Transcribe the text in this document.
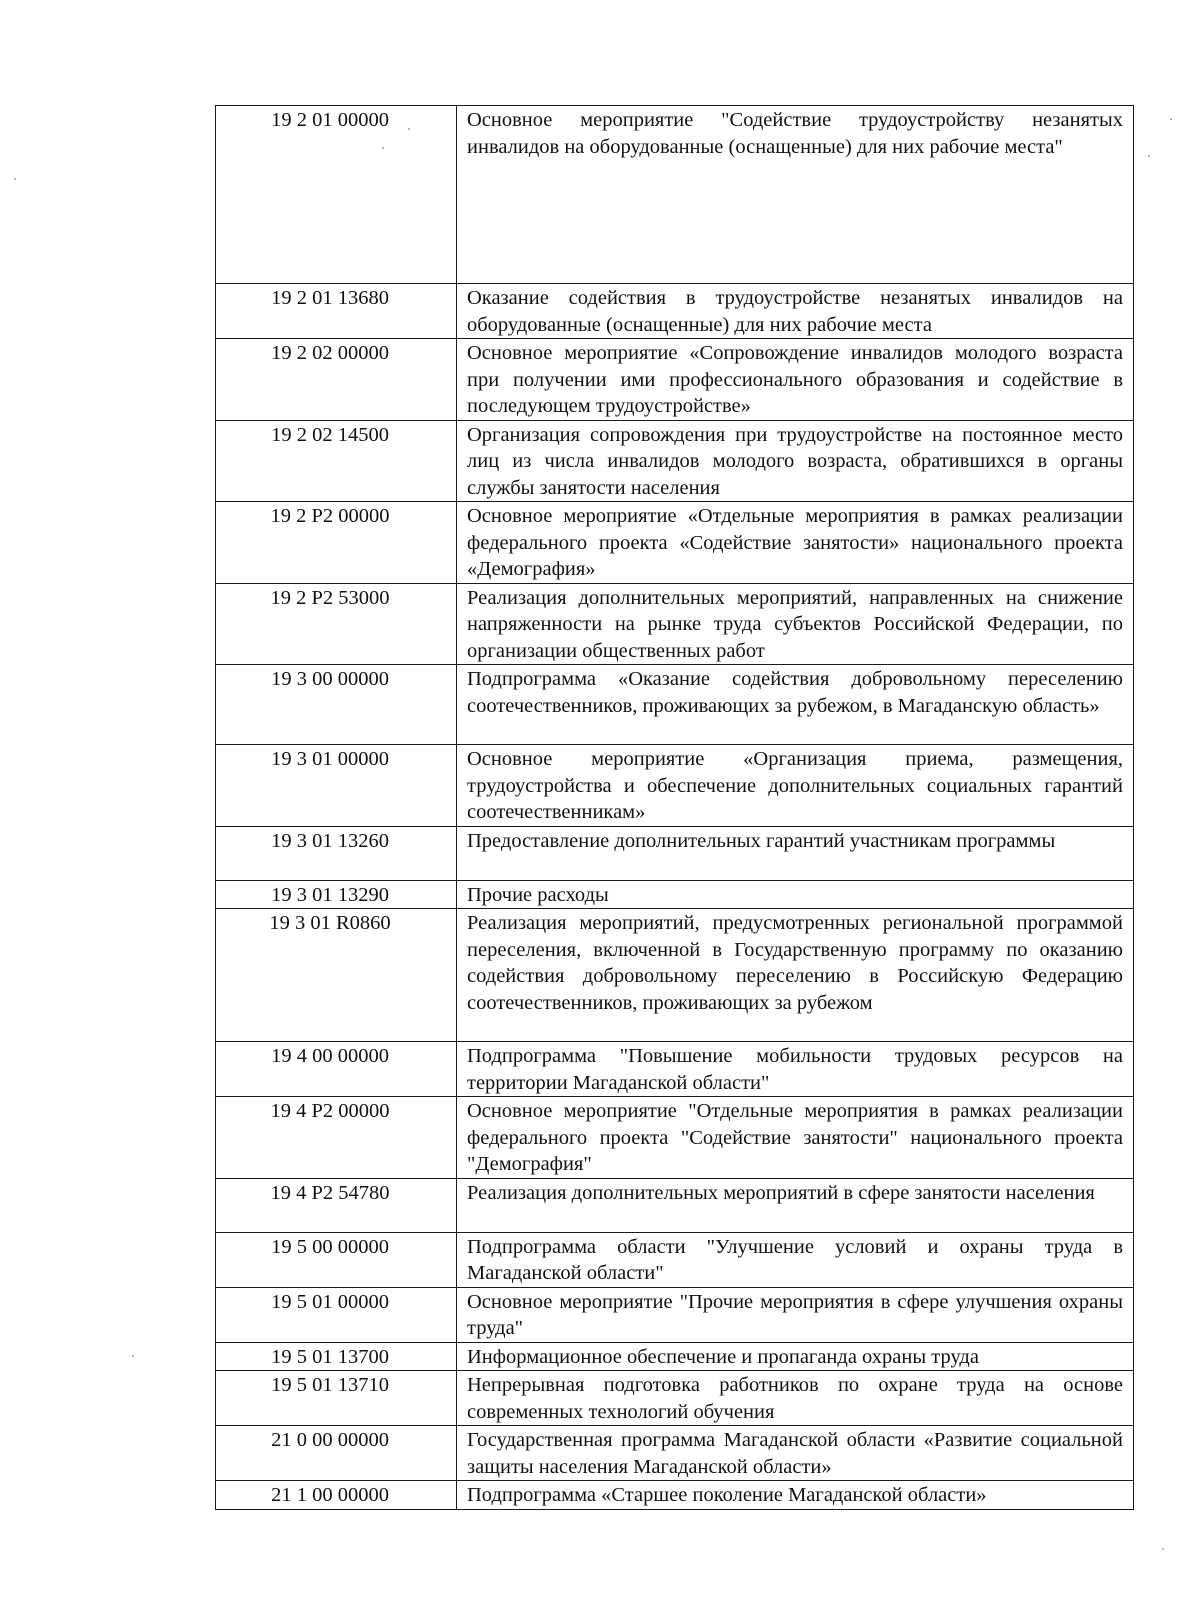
19 2 01 00000	Основное мероприятие "Содействие трудоустройству незанятых инвалидов на оборудованные (оснащенные) для них рабочие места"
19 2 01 13680	Оказание содействия в трудоустройстве незанятых инвалидов на оборудованные (оснащенные) для них рабочие места
19 2 02 00000	Основное мероприятие «Сопровождение инвалидов молодого возраста при получении ими профессионального образования и содействие в последующем трудоустройстве»
19 2 02 14500	Организация сопровождения при трудоустройстве на постоянное место лиц из числа инвалидов молодого возраста, обратившихся в органы службы занятости населения
19 2 P2 00000	Основное мероприятие «Отдельные мероприятия в рамках реализации федерального проекта «Содействие занятости» национального проекта «Демография»
19 2 P2 53000	Реализация дополнительных мероприятий, направленных на снижение напряженности на рынке труда субъектов Российской Федерации, по организации общественных работ
19 3 00 00000	Подпрограмма «Оказание содействия добровольному переселению соотечественников, проживающих за рубежом, в Магаданскую область»
19 3 01 00000	Основное мероприятие «Организация приема, размещения, трудоустройства и обеспечение дополнительных социальных гарантий соотечественникам»
19 3 01 13260	Предоставление дополнительных гарантий участникам программы
19 3 01 13290	Прочие расходы
19 3 01 R0860	Реализация мероприятий, предусмотренных региональной программой переселения, включенной в Государственную программу по оказанию содействия добровольному переселению в Российскую Федерацию соотечественников, проживающих за рубежом
19 4 00 00000	Подпрограмма "Повышение мобильности трудовых ресурсов на территории Магаданской области"
19 4 P2 00000	Основное мероприятие "Отдельные мероприятия в рамках реализации федерального проекта "Содействие занятости" национального проекта "Демография"
19 4 P2 54780	Реализация дополнительных мероприятий в сфере занятости населения
19 5 00 00000	Подпрограмма области "Улучшение условий и охраны труда в Магаданской области"
19 5 01 00000	Основное мероприятие "Прочие мероприятия в сфере улучшения охраны труда"
19 5 01 13700	Информационное обеспечение и пропаганда охраны труда
19 5 01 13710	Непрерывная подготовка работников по охране труда на основе современных технологий обучения
21 0 00 00000	Государственная программа Магаданской области «Развитие социальной защиты населения Магаданской области»
21 1 00 00000	Подпрограмма «Старшее поколение Магаданской области»
